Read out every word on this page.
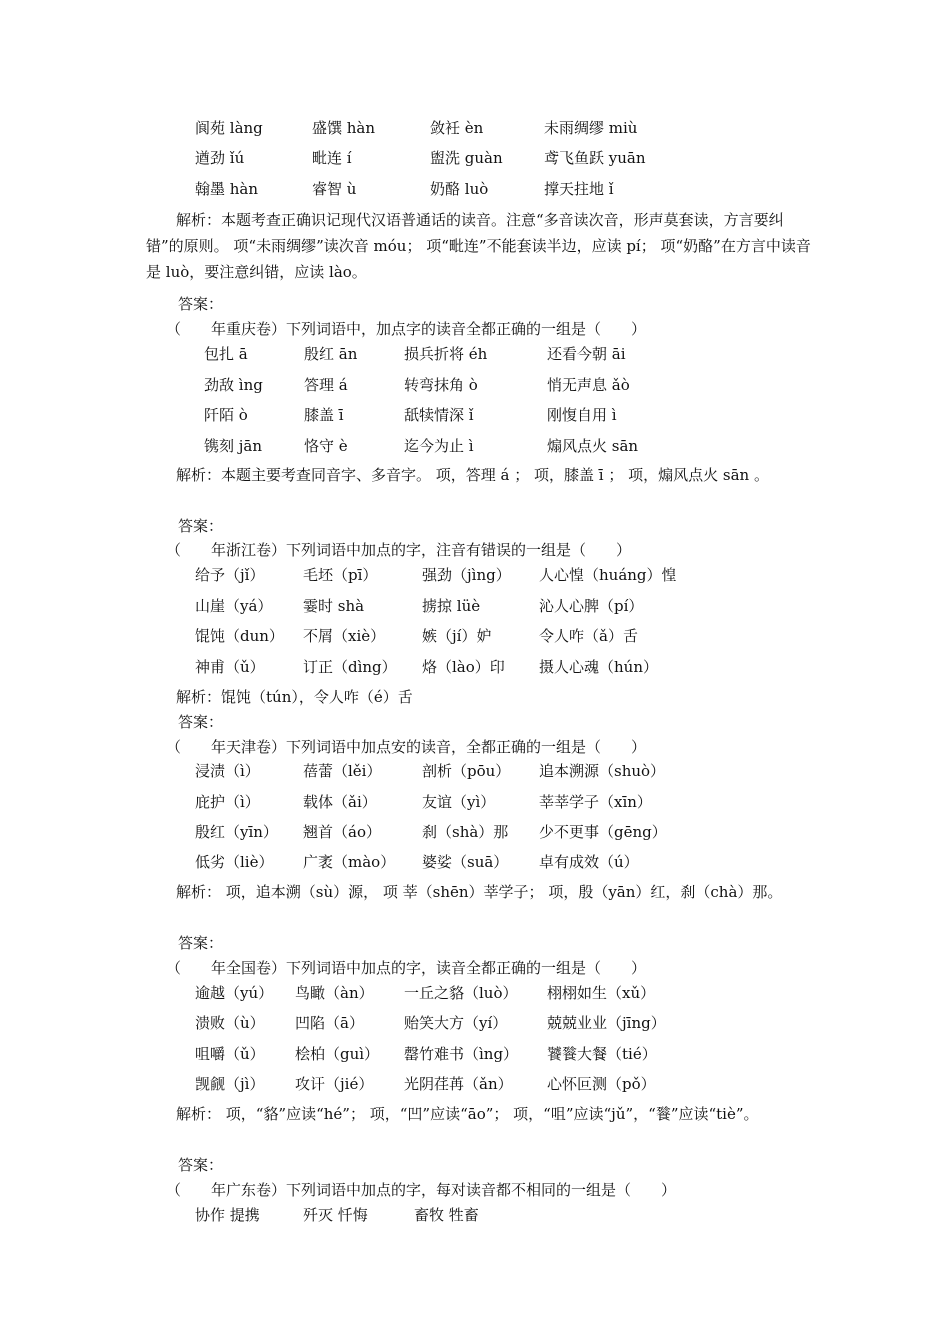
阆苑 làng	盛馔 hàn	敛衽 èn	未雨绸缪 miù
遒劲 ǐú	毗连 í	盥洗 guàn	鸢飞鱼跃 yuān
翰墨 hàn	睿智 ù	奶酪 luò	撑天拄地 ǐ
解析：本题考查正确识记现代汉语普通话的读音。注意“多音读次音，形声莫套读，方言要纠错”的原则。 项“未雨绸缪”读次音 móu； 项“毗连”不能套读半边，应读 pí； 项“奶酪”在方言中读音是 luò，要注意纠错，应读 lào。
答案：
（　　年重庆卷）下列词语中，加点字的读音全都正确的一组是（　　）
包扎 ā	殷红 ān	损兵折将 éh	还看今朝 āi
劲敌 ìng	答理 á	转弯抹角 ò	悄无声息 ǎò
阡陌 ò	膝盖 ī	舐犊情深 ǐ	刚愎自用 ì
镌刻 jān	恪守 è	迄今为止 ì	煽风点火 sān
解析：本题主要考查同音字、多音字。 项，答理 á ； 项，膝盖 ī ； 项，煽风点火 sān 。
答案：
（　　年浙江卷）下列词语中加点的字，注音有错误的一组是（　　）
给予（jǐ）	毛坯（pī）	强劲（jìng） 人心惶（huáng）惶
山崖（yá） 霎时 shà	掳掠 lüè	沁人心脾（pí）
馄饨（dun） 不屑（xiè） 嫉（jí）妒	令人咋（ǎ）舌
神甫（ǔ）	订正（dìng） 烙（lào）印 摄人心魂（hún）
解析：馄饨（tún），令人咋（é）舌
答案：
（　　年天津卷）下列词语中加点安的读音，全都正确的一组是（　　）
浸渍（ì）	蓓蕾（lěi）	剖析（pōu） 追本溯源（shuò）
庇护（ì）	载体（ǎi）	友谊（yì）	莘莘学子（xīn）
殷红（yīn） 翘首（áo）	刹（shà）那 少不更事（gēng）
低劣（liè） 广袤（mào） 婆娑（suā） 卓有成效（ú）
解析： 项，追本溯（sù）源， 项 莘（shēn）莘学子； 项，殷（yān）红，刹（chà）那。
答案：
（　　年全国卷）下列词语中加点的字，读音全都正确的一组是（　　）
逾越（yú） 鸟瞰（àn） 一丘之貉（luò） 栩栩如生（xǔ）
溃败（ù） 凹陷（ā）	贻笑大方（yí）	兢兢业业（jīng）
咀嚼（ǔ） 桧柏（guì） 罄竹难书（ìng） 饕餮大餐（tié）
觊觎（jì） 攻讦（jié） 光阴荏苒（ǎn） 心怀叵测（pǒ）
解析： 项，“貉”应读“hé”； 项，“凹”应读“āo”； 项，“咀”应读“jǔ”，“餮”应读“tiè”。
答案：
（　　年广东卷）下列词语中加点的字，每对读音都不相同的一组是（　　）
协作 提携	歼灭 忏悔	畜牧 牲畜
